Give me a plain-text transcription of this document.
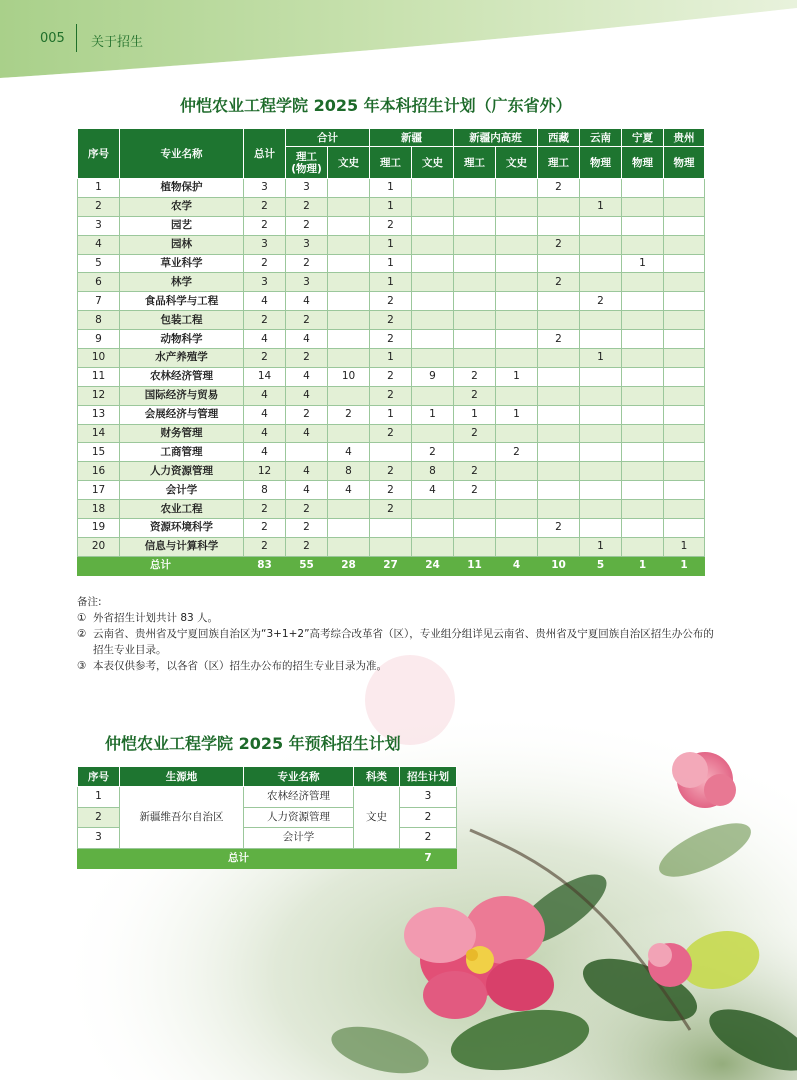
005 关于招生
仲恺农业工程学院 2025 年本科招生计划（广东省外）
序号	专业名称	总计	合计		新疆		新疆内高班		西藏	云南	宁夏	贵州
			理工
(物理)	文史	理工	文史	理工	文史	理工	物理	物理	物理
1	植物保护	3	3		1				2			
2	农学	2	2		1					1		
3	园艺	2	2		2							
4	园林	3	3		1				2			
5	草业科学	2	2		1						1	
6	林学	3	3		1				2			
7	食品科学与工程	4	4		2					2		
8	包装工程	2	2		2							
9	动物科学	4	4		2				2			
10	水产养殖学	2	2		1					1		
11	农林经济管理	14	4	10	2	9	2	1				
12	国际经济与贸易	4	4		2		2					
13	会展经济与管理	4	2	2	1	1	1	1				
14	财务管理	4	4		2		2					
15	工商管理	4		4		2		2				
16	人力资源管理	12	4	8	2	8	2					
17	会计学	8	4	4	2	4	2					
18	农业工程	2	2		2							
19	资源环境科学	2	2						2			
20	信息与计算科学	2	2							1		1
总计		83	55	28	27	24	11	4	10	5	1	1
备注:
① 外省招生计划共计 83 人。
② 云南省、贵州省及宁夏回族自治区为“3+1+2”高考综合改革省（区），专业组分组详见云南省、贵州省及宁夏回族自治区招生办公布的招生专业目录。
③ 本表仅供参考，以各省（区）招生办公布的招生专业目录为准。
仲恺农业工程学院 2025 年预科招生计划
序号	生源地	专业名称	科类	招生计划
1	新疆维吾尔自治区	农林经济管理	文史	3
2		人力资源管理		2
3		会计学		2
总计				7
